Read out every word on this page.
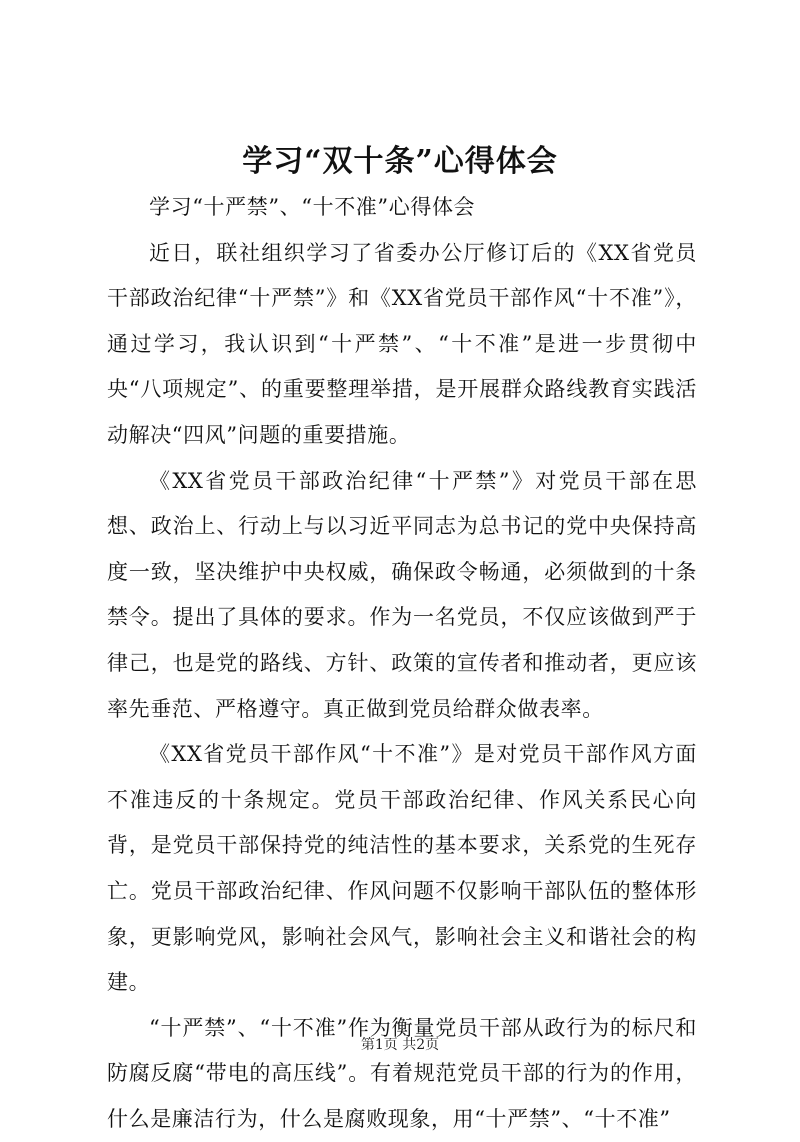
学习“双十条”心得体会

学习“十严禁”、“十不准”心得体会

近日，联社组织学习了省委办公厅修订后的《XX省党员干部政治纪律“十严禁”》和《XX省党员干部作风“十不准”》，通过学习，我认识到“十严禁”、“十不准”是进一步贯彻中央“八项规定”、的重要整理举措，是开展群众路线教育实践活动解决“四风”问题的重要措施。

《XX省党员干部政治纪律“十严禁”》对党员干部在思想、政治上、行动上与以习近平同志为总书记的党中央保持高度一致，坚决维护中央权威，确保政令畅通，必须做到的十条禁令。提出了具体的要求。作为一名党员，不仅应该做到严于律己，也是党的路线、方针、政策的宣传者和推动者，更应该率先垂范、严格遵守。真正做到党员给群众做表率。

《XX省党员干部作风“十不准”》是对党员干部作风方面不准违反的十条规定。党员干部政治纪律、作风关系民心向背，是党员干部保持党的纯洁性的基本要求，关系党的生死存亡。党员干部政治纪律、作风问题不仅影响干部队伍的整体形象，更影响党风，影响社会风气，影响社会主义和谐社会的构建。

“十严禁”、“十不准”作为衡量党员干部从政行为的标尺和防腐反腐“带电的高压线”。有着规范党员干部的行为的作用，什么是廉洁行为，什么是腐败现象，用“十严禁”、“十不准”

第1页 共2页
